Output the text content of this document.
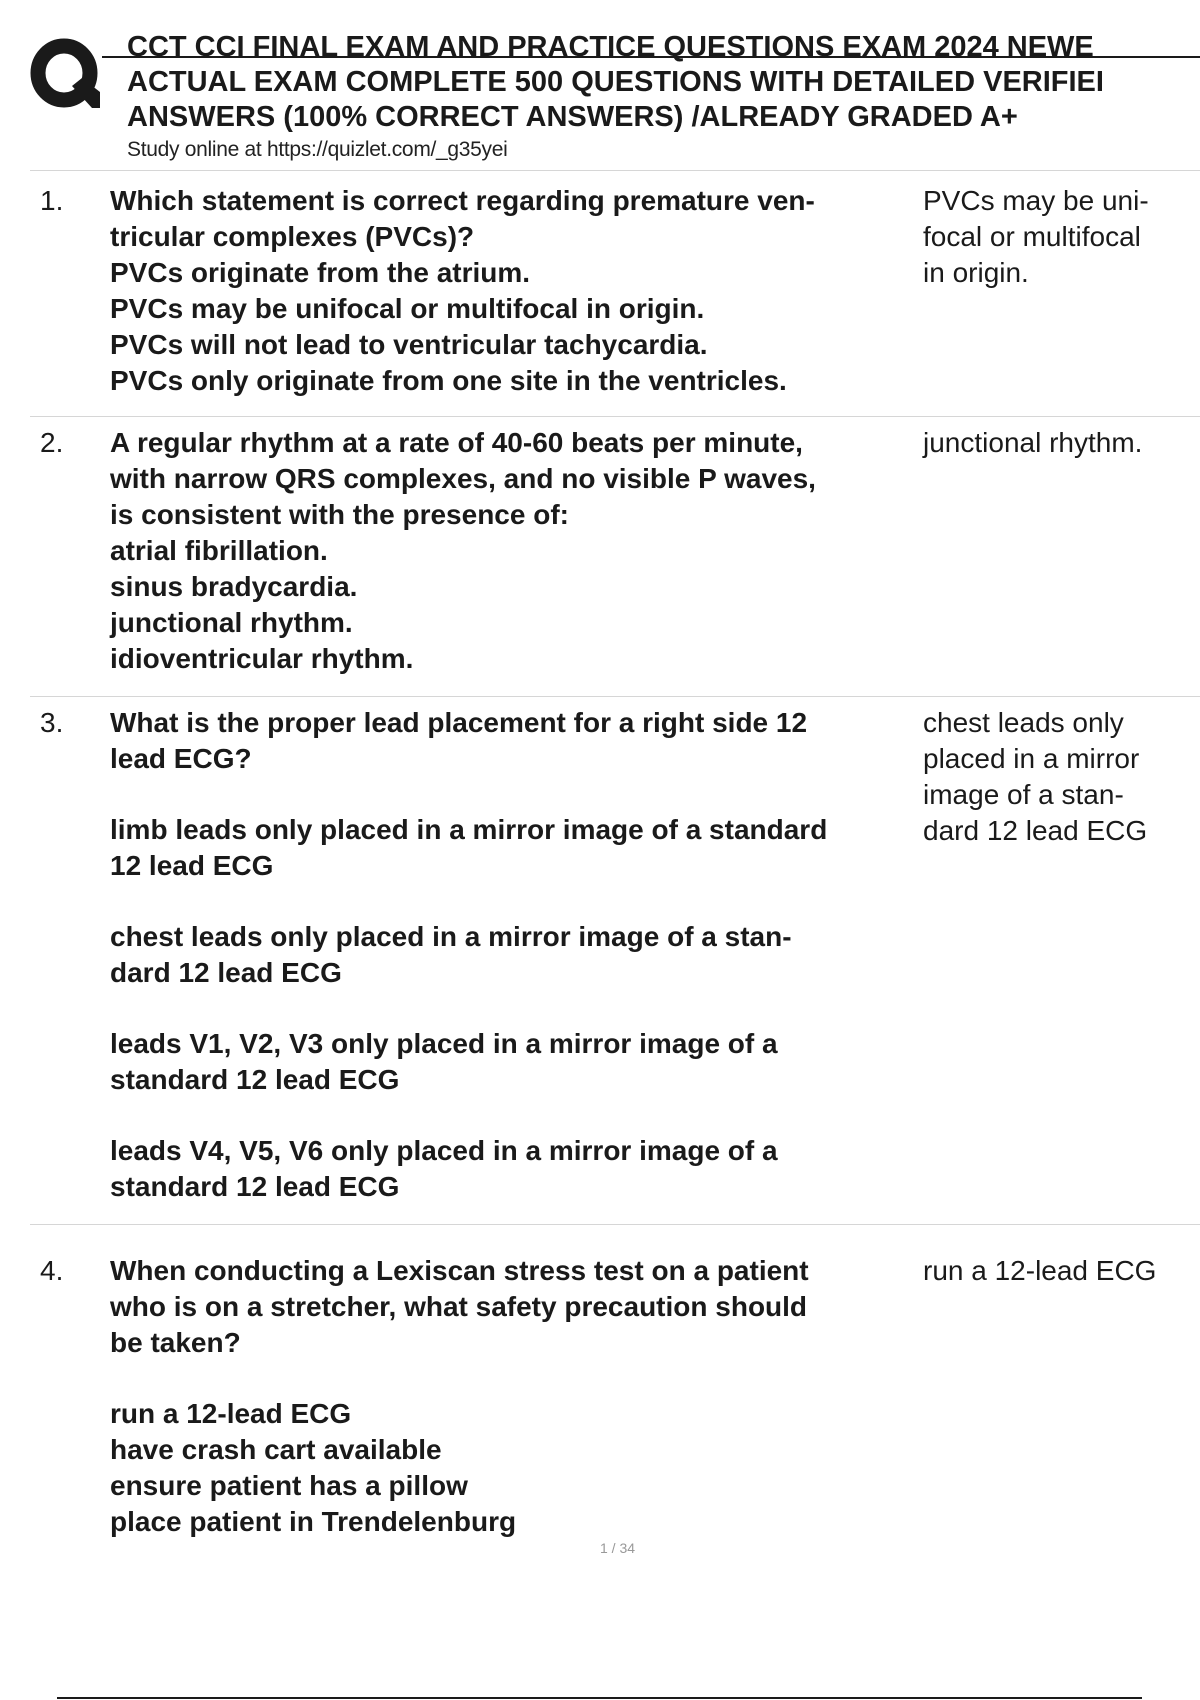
CCT CCI FINAL EXAM AND PRACTICE QUESTIONS EXAM 2024 NEWE
ACTUAL EXAM COMPLETE 500 QUESTIONS WITH DETAILED VERIFIEI
ANSWERS (100% CORRECT ANSWERS) /ALREADY GRADED A+
Study online at https://quizlet.com/_g35yei
1. Which statement is correct regarding premature ven-
tricular complexes (PVCs)?
PVCs originate from the atrium.
PVCs may be unifocal or multifocal in origin.
PVCs will not lead to ventricular tachycardia.
PVCs only originate from one site in the ventricles.
PVCs may be uni-
focal or multifocal
in origin.
2. A regular rhythm at a rate of 40-60 beats per minute,
with narrow QRS complexes, and no visible P waves,
is consistent with the presence of:
atrial fibrillation.
sinus bradycardia.
junctional rhythm.
idioventricular rhythm.
junctional rhythm.
3. What is the proper lead placement for a right side 12
lead ECG?
limb leads only placed in a mirror image of a standard
12 lead ECG
chest leads only placed in a mirror image of a stan-
dard 12 lead ECG
leads V1, V2, V3 only placed in a mirror image of a
standard 12 lead ECG
leads V4, V5, V6 only placed in a mirror image of a
standard 12 lead ECG
chest leads only
placed in a mirror
image of a stan-
dard 12 lead ECG
4. When conducting a Lexiscan stress test on a patient
who is on a stretcher, what safety precaution should
be taken?
run a 12-lead ECG
have crash cart available
ensure patient has a pillow
place patient in Trendelenburg
run a 12-lead ECG
1 / 34
